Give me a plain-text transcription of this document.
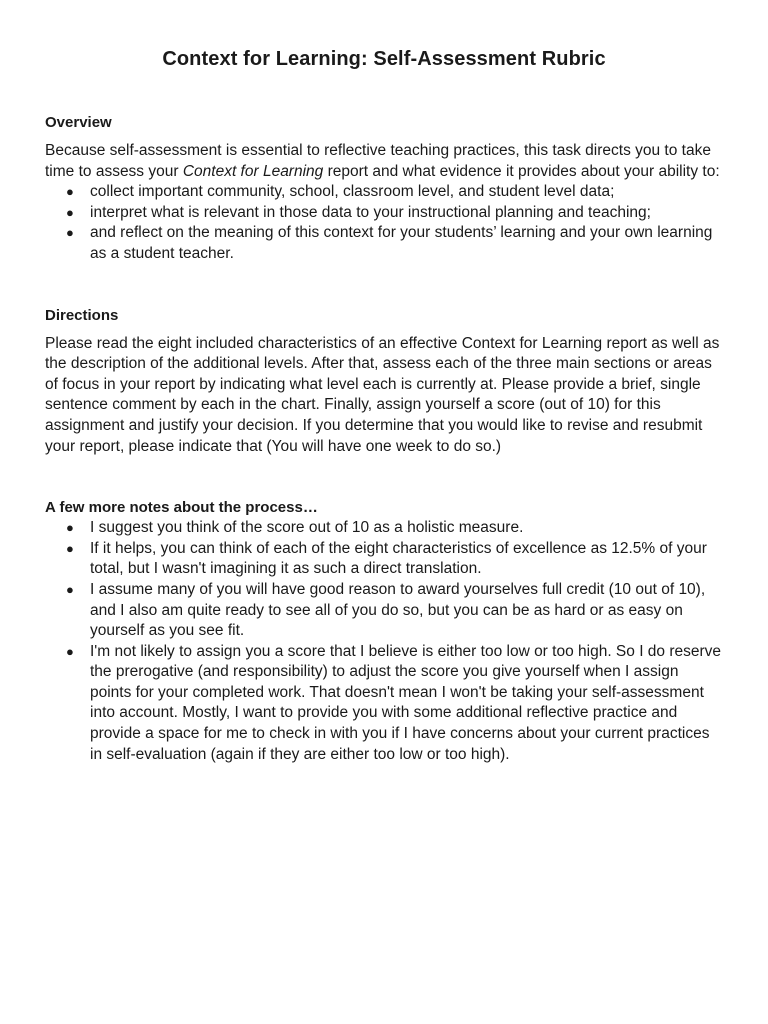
Context for Learning: Self-Assessment Rubric
Overview

Because self-assessment is essential to reflective teaching practices, this task directs you to take time to assess your Context for Learning report and what evidence it provides about your ability to:

● collect important community, school, classroom level, and student level data;
● interpret what is relevant in those data to your instructional planning and teaching;
● and reflect on the meaning of this context for your students’ learning and your own learning as a student teacher.
Directions

Please read the eight included characteristics of an effective Context for Learning report as well as the description of the additional levels. After that, assess each of the three main sections or areas of focus in your report by indicating what level each is currently at. Please provide a brief, single sentence comment by each in the chart. Finally, assign yourself a score (out of 10) for this assignment and justify your decision. If you determine that you would like to revise and resubmit your report, please indicate that (You will have one week to do so.)

A few more notes about the process…
● I suggest you think of the score out of 10 as a holistic measure.
● If it helps, you can think of each of the eight characteristics of excellence as 12.5% of your total, but I wasn't imagining it as such a direct translation.
● I assume many of you will have good reason to award yourselves full credit (10 out of 10), and I also am quite ready to see all of you do so, but you can be as hard or as easy on yourself as you see fit.
● I'm not likely to assign you a score that I believe is either too low or too high. So I do reserve the prerogative (and responsibility) to adjust the score you give yourself when I assign points for your completed work. That doesn't mean I won't be taking your self-assessment into account. Mostly, I want to provide you with some additional reflective practice and provide a space for me to check in with you if I have concerns about your current practices in self-evaluation (again if they are either too low or too high).
